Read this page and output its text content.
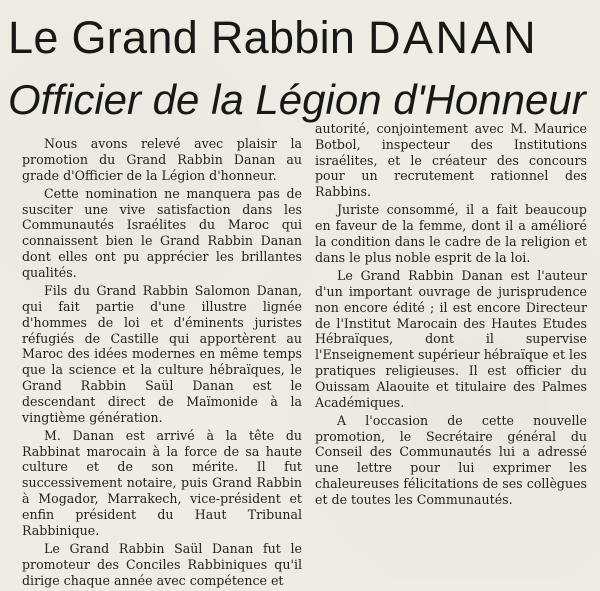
Le Grand Rabbin DANAN
Officier de la Légion d'Honneur

Nous avons relevé avec plaisir la promotion du Grand Rabbin Danan au grade d'Officier de la Légion d'honneur.

Cette nomination ne manquera pas de susciter une vive satisfaction dans les Communautés Israélites du Maroc qui connaissent bien le Grand Rabbin Danan dont elles ont pu apprécier les brillantes qualités.

Fils du Grand Rabbin Salomon Danan, qui fait partie d'une illustre lignée d'hommes de loi et d'éminents juristes réfugiés de Castille qui apportèrent au Maroc des idées modernes en même temps que la science et la culture hébraïques, le Grand Rabbin Saül Danan est le descendant direct de Maïmonide à la vingtième génération.

M. Danan est arrivé à la tête du Rabbinat marocain à la force de sa haute culture et de son mérite. Il fut successivement notaire, puis Grand Rabbin à Mogador, Marrakech, vice-président et enfin président du Haut Tribunal Rabbinique.

Le Grand Rabbin Saül Danan fut le promoteur des Conciles Rabbiniques qu'il dirige chaque année avec compétence et

autorité, conjointement avec M. Maurice Botbol, inspecteur des Institutions israélites, et le créateur des concours pour un recrutement rationnel des Rabbins.

Juriste consommé, il a fait beaucoup en faveur de la femme, dont il a amélioré la condition dans le cadre de la religion et dans le plus noble esprit de la loi.

Le Grand Rabbin Danan est l'auteur d'un important ouvrage de jurisprudence non encore édité ; il est encore Directeur de l'Institut Marocain des Hautes Etudes Hébraïques, dont il supervise l'Enseignement supérieur hébraïque et les pratiques religieuses. Il est officier du Ouissam Alaouite et titulaire des Palmes Académiques.

A l'occasion de cette nouvelle promotion, le Secrétaire général du Conseil des Communautés lui a adressé une lettre pour lui exprimer les chaleureuses félicitations de ses collègues et de toutes les Communautés.
